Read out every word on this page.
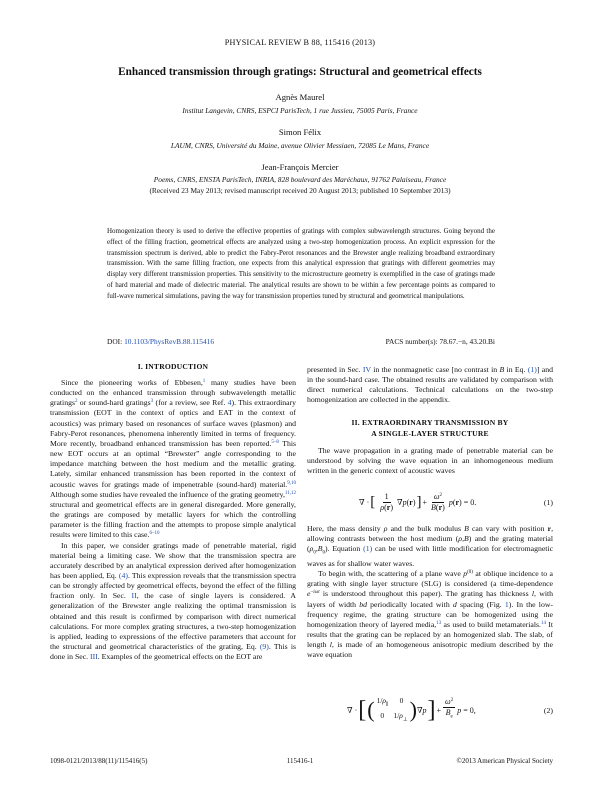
PHYSICAL REVIEW B 88, 115416 (2013)
Enhanced transmission through gratings: Structural and geometrical effects
Agnès Maurel
Institut Langevin, CNRS, ESPCI ParisTech, 1 rue Jussieu, 75005 Paris, France
Simon Félix
LAUM, CNRS, Université du Maine, avenue Olivier Messiaen, 72085 Le Mans, France
Jean-François Mercier
Poems, CNRS, ENSTA ParisTech, INRIA, 828 boulevard des Maréchaux, 91762 Palaiseau, France
(Received 23 May 2013; revised manuscript received 20 August 2013; published 10 September 2013)
Homogenization theory is used to derive the effective properties of gratings with complex subwavelength structures. Going beyond the effect of the filling fraction, geometrical effects are analyzed using a two-step homogenization process. An explicit expression for the transmission spectrum is derived, able to predict the Fabry-Perot resonances and the Brewster angle realizing broadband extraordinary transmission. With the same filling fraction, one expects from this analytical expression that gratings with different geometries may display very different transmission properties. This sensitivity to the microstructure geometry is exemplified in the case of gratings made of hard material and made of dielectric material. The analytical results are shown to be within a few percentage points as compared to full-wave numerical simulations, paving the way for transmission properties tuned by structural and geometrical manipulations.
DOI: 10.1103/PhysRevB.88.115416	PACS number(s): 78.67.−n, 43.20.Bi
I. INTRODUCTION

Since the pioneering works of Ebbesen,$^1$ many studies have been conducted on the enhanced transmission through subwavelength metallic gratings$^2$ or sound-hard gratings$^3$ (for a review, see Ref. 4). This extraordinary transmission (EOT in the context of optics and EAT in the context of acoustics) was primary based on resonances of surface waves (plasmon) and Fabry-Perot resonances, phenomena inherently limited in terms of frequency. More recently, broadband enhanced transmission has been reported.$^{5-8}$ This new EOT occurs at an optimal “Brewster” angle corresponding to the impedance matching between the host medium and the metallic grating. Lately, similar enhanced transmission has been reported in the context of acoustic waves for gratings made of impenetrable (sound-hard) material.$^{9,10}$ Although some studies have revealed the influence of the grating geometry,$^{11,12}$ structural and geometrical effects are in general disregarded. More generally, the gratings are composed by metallic layers for which the controlling parameter is the filling fraction and the attempts to propose simple analytical results were limited to this case.$^{6-10}$

In this paper, we consider gratings made of penetrable material, rigid material being a limiting case. We show that the transmission spectra are accurately described by an analytical expression derived after homogenization has been applied, Eq. (4). This expression reveals that the transmission spectra can be strongly affected by geometrical effects, beyond the effect of the filling fraction only. In Sec. II, the case of single layers is considered. A generalization of the Brewster angle realizing the optimal transmission is obtained and this result is confirmed by comparison with direct numerical calculations. For more complex grating structures, a two-step homogenization is applied, leading to expressions of the effective parameters that account for the structural and geometrical characteristics of the grating, Eq. (9). This is done in Sec. III. Examples of the geometrical effects on the EOT are

presented in Sec. IV in the nonmagnetic case [no contrast in B in Eq. (1)] and in the sound-hard case. The obtained results are validated by comparison with direct numerical calculations. Technical calculations on the two-step homogenization are collected in the appendix.

II. EXTRAORDINARY TRANSMISSION BY
A SINGLE-LAYER STRUCTURE

The wave propagation in a grating made of penetrable material can be understood by solving the wave equation in an inhomogeneous medium written in the generic context of acoustic waves

∇ · [ $\frac{1}{\rho(r)} \nabla p(r)$ ] + $\frac{\omega^2}{B(r)} p(r) = 0$.	(1)

Here, the mass density ρ and the bulk modulus B can vary with position r, allowing contrasts between the host medium (ρ,B) and the grating material $(\rho_0,B_0)$. Equation (1) can be used with little modification for electromagnetic waves as for shallow water waves.

To begin with, the scattering of a plane wave $p^{(0)}$ at oblique incidence to a grating with single layer structure (SLG) is considered (a time-dependence $e^{-i\omega t}$ is understood throughout this paper). The grating has thickness l, with layers of width bd periodically located with d spacing (Fig. 1). In the low-frequency regime, the grating structure can be homogenized using the homogenization theory of layered media,$^{13}$ as used to build metamaterials.$^{14}$ It results that the grating can be replaced by an homogenized slab. The slab, of length l, is made of an homogeneous anisotropic medium described by the wave equation

∇ · [ ( $1/\rho_\parallel$      0
0     $1/\rho_\perp$ ) ∇p ] + $\frac{\omega^2}{B_e}$ p = 0,	(2)
1098-0121/2013/88(11)/115416(5)	115416-1	©2013 American Physical Society
